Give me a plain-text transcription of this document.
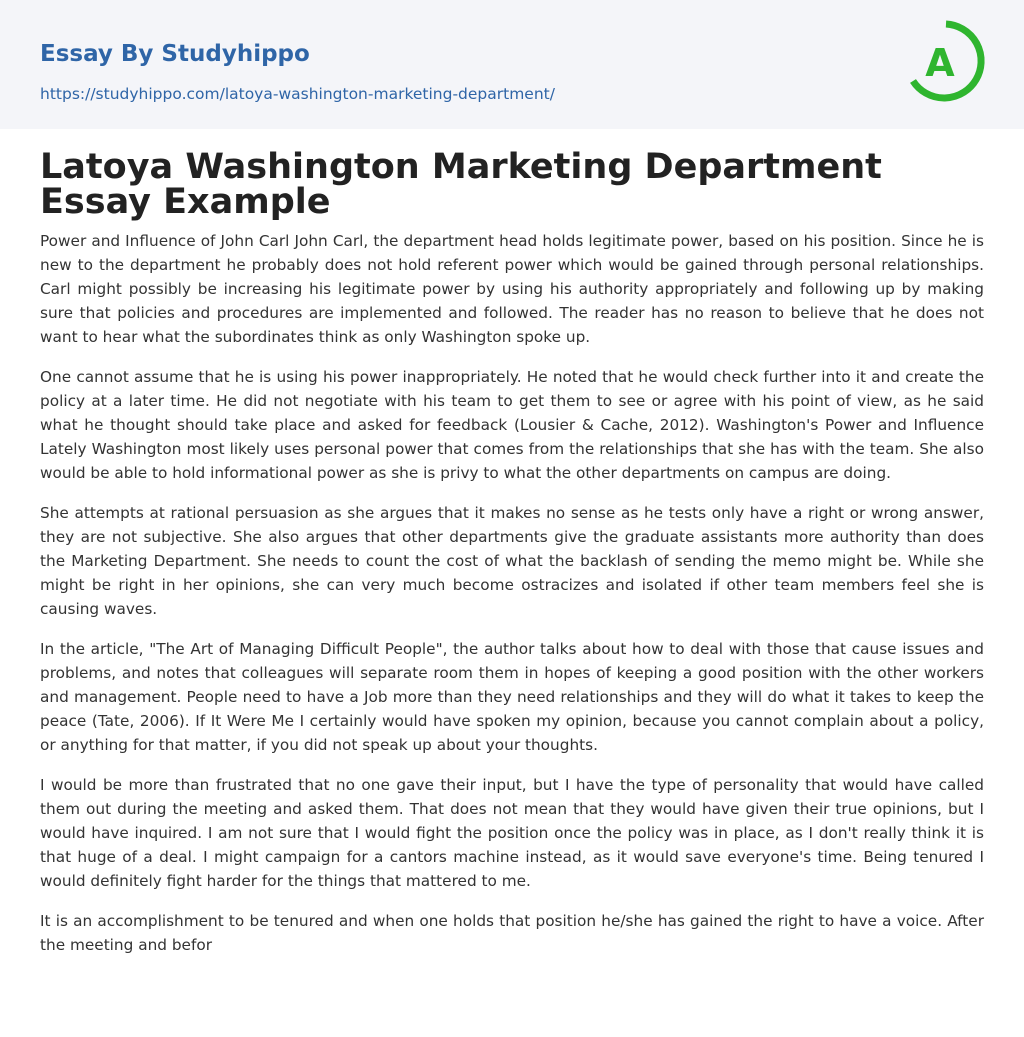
Essay By Studyhippo
https://studyhippo.com/latoya-washington-marketing-department/
A
Latoya Washington Marketing Department Essay Example

Power and Influence of John Carl John Carl, the department head holds legitimate power, based on his position. Since he is new to the department he probably does not hold referent power which would be gained through personal relationships. Carl might possibly be increasing his legitimate power by using his authority appropriately and following up by making sure that policies and procedures are implemented and followed. The reader has no reason to believe that he does not want to hear what the subordinates think as only Washington spoke up.

One cannot assume that he is using his power inappropriately. He noted that he would check further into it and create the policy at a later time. He did not negotiate with his team to get them to see or agree with his point of view, as he said what he thought should take place and asked for feedback (Lousier & Cache, 2012). Washington's Power and Influence Lately Washington most likely uses personal power that comes from the relationships that she has with the team. She also would be able to hold informational power as she is privy to what the other departments on campus are doing.

She attempts at rational persuasion as she argues that it makes no sense as he tests only have a right or wrong answer, they are not subjective. She also argues that other departments give the graduate assistants more authority than does the Marketing Department. She needs to count the cost of what the backlash of sending the memo might be. While she might be right in her opinions, she can very much become ostracizes and isolated if other team members feel she is causing waves.

In the article, "The Art of Managing Difficult People", the author talks about how to deal with those that cause issues and problems, and notes that colleagues will separate room them in hopes of keeping a good position with the other workers and management. People need to have a Job more than they need relationships and they will do what it takes to keep the peace (Tate, 2006). If It Were Me I certainly would have spoken my opinion, because you cannot complain about a policy, or anything for that matter, if you did not speak up about your thoughts.

I would be more than frustrated that no one gave their input, but I have the type of personality that would have called them out during the meeting and asked them. That does not mean that they would have given their true opinions, but I would have inquired. I am not sure that I would fight the position once the policy was in place, as I don't really think it is that huge of a deal. I might campaign for a cantors machine instead, as it would save everyone's time. Being tenured I would definitely fight harder for the things that mattered to me.

It is an accomplishment to be tenured and when one holds that position he/she has gained the right to have a voice. After the meeting and befor
